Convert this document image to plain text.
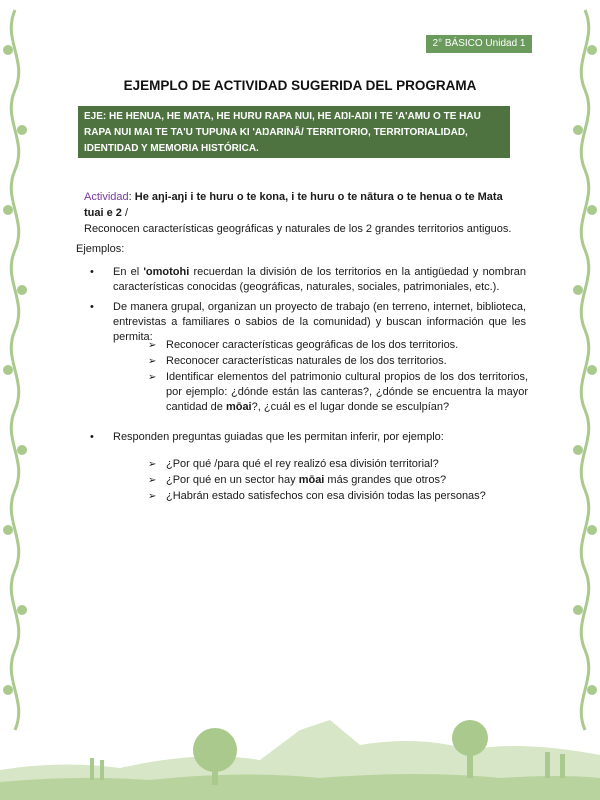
2° BÁSICO Unidad 1
EJEMPLO DE ACTIVIDAD SUGERIDA DEL PROGRAMA
EJE: HE HENUA, HE MATA, HE HURU RAPA NUI, HE AŊI-AŊI I TE 'A'AMU O TE HAU RAPA NUI MAI TE TA'U TUPUNA KI 'AŊARINĀ/ TERRITORIO, TERRITORIALIDAD, IDENTIDAD Y MEMORIA HISTÓRICA.
Actividad: He aŋi-aŋi i te huru o te kona, i te huru o te nātura o te henua o te Mata tuai e 2 /
Reconocen características geográficas y naturales de los 2 grandes territorios antiguos.
Ejemplos:
• En el 'omotohi recuerdan la división de los territorios en la antigüedad y nombran características conocidas (geográficas, naturales, sociales, patrimoniales, etc.).
• De manera grupal, organizan un proyecto de trabajo (en terreno, internet, biblioteca, entrevistas a familiares o sabios de la comunidad) y buscan información que les permita:
➢ Reconocer características geográficas de los dos territorios.
➢ Reconocer características naturales de los dos territorios.
➢ Identificar elementos del patrimonio cultural propios de los dos territorios, por ejemplo: ¿dónde están las canteras?, ¿dónde se encuentra la mayor cantidad de mōai?, ¿cuál es el lugar donde se esculpían?
• Responden preguntas guiadas que les permitan inferir, por ejemplo:
➢ ¿Por qué /para qué el rey realizó esa división territorial?
➢ ¿Por qué en un sector hay mōai más grandes que otros?
➢ ¿Habrán estado satisfechos con esa división todas las personas?
